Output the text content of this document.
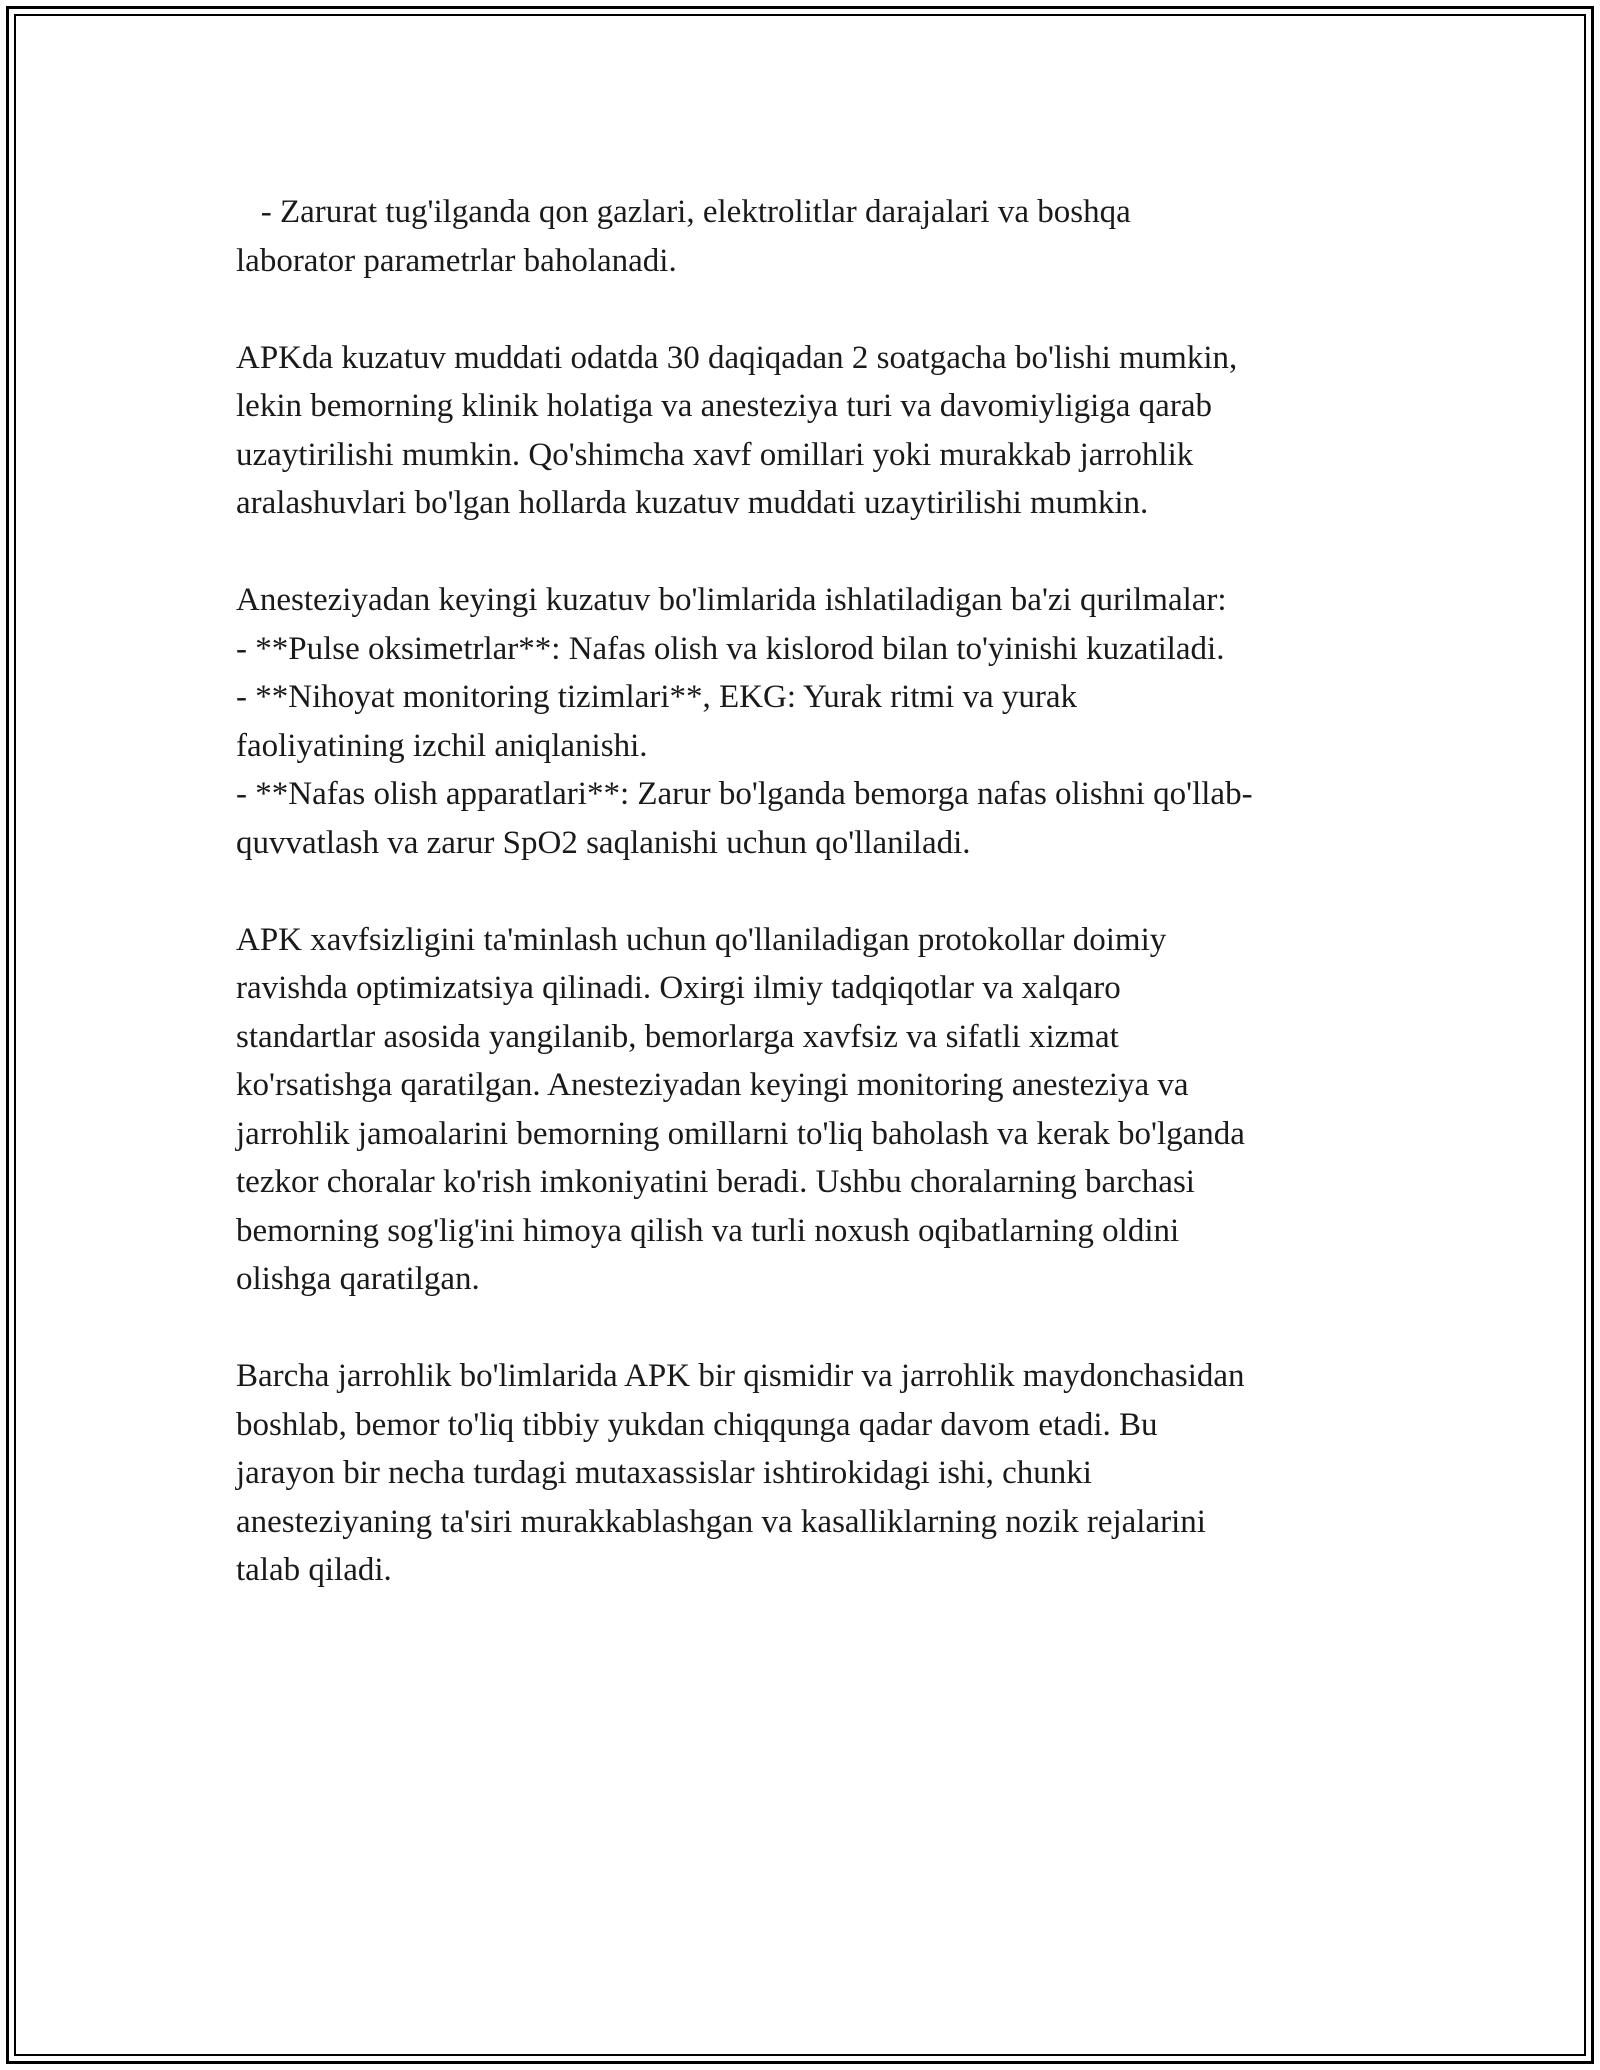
- Zarurat tug'ilganda qon gazlari, elektrolitlar darajalari va boshqa
laborator parametrlar baholanadi.

APKda kuzatuv muddati odatda 30 daqiqadan 2 soatgacha bo'lishi mumkin,
lekin bemorning klinik holatiga va anesteziya turi va davomiyligiga qarab
uzaytirilishi mumkin. Qo'shimcha xavf omillari yoki murakkab jarrohlik
aralashuvlari bo'lgan hollarda kuzatuv muddati uzaytirilishi mumkin.

Anesteziyadan keyingi kuzatuv bo'limlarida ishlatiladigan ba'zi qurilmalar:
- **Pulse oksimetrlar**: Nafas olish va kislorod bilan to'yinishi kuzatiladi.
- **Nihoyat monitoring tizimlari**, EKG: Yurak ritmi va yurak
faoliyatining izchil aniqlanishi.
- **Nafas olish apparatlari**: Zarur bo'lganda bemorga nafas olishni qo'llab-
quvvatlash va zarur SpO2 saqlanishi uchun qo'llaniladi.

APK xavfsizligini ta'minlash uchun qo'llaniladigan protokollar doimiy
ravishda optimizatsiya qilinadi. Oxirgi ilmiy tadqiqotlar va xalqaro
standartlar asosida yangilanib, bemorlarga xavfsiz va sifatli xizmat
ko'rsatishga qaratilgan. Anesteziyadan keyingi monitoring anesteziya va
jarrohlik jamoalarini bemorning omillarni to'liq baholash va kerak bo'lganda
tezkor choralar ko'rish imkoniyatini beradi. Ushbu choralarning barchasi
bemorning sog'lig'ini himoya qilish va turli noxush oqibatlarning oldini
olishga qaratilgan.

Barcha jarrohlik bo'limlarida APK bir qismidir va jarrohlik maydonchasidan
boshlab, bemor to'liq tibbiy yukdan chiqqunga qadar davom etadi. Bu
jarayon bir necha turdagi mutaxassislar ishtirokidagi ishi, chunki
anesteziyaning ta'siri murakkablashgan va kasalliklarning nozik rejalarini
talab qiladi.
